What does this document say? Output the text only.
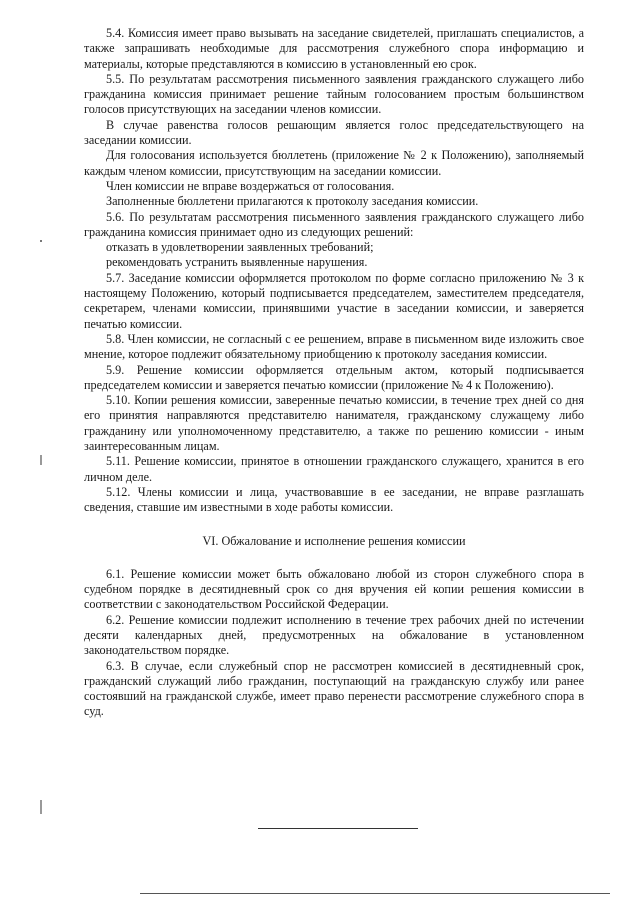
5.4. Комиссия имеет право вызывать на заседание свидетелей, приглашать специалистов, а также запрашивать необходимые для рассмотрения служебного спора информацию и материалы, которые представляются в комиссию в установленный ею срок.

5.5. По результатам рассмотрения письменного заявления гражданского служащего либо гражданина комиссия принимает решение тайным голосованием простым большинством голосов присутствующих на заседании членов комиссии.

В случае равенства голосов решающим является голос председательствующего на заседании комиссии.

Для голосования используется бюллетень (приложение № 2 к Положению), заполняемый каждым членом комиссии, присутствующим на заседании комиссии.

Член комиссии не вправе воздержаться от голосования.

Заполненные бюллетени прилагаются к протоколу заседания комиссии.

5.6. По результатам рассмотрения письменного заявления гражданского служащего либо гражданина комиссия принимает одно из следующих решений:

отказать в удовлетворении заявленных требований;

рекомендовать устранить выявленные нарушения.

5.7. Заседание комиссии оформляется протоколом по форме согласно приложению № 3 к настоящему Положению, который подписывается председателем, заместителем председателя, секретарем, членами комиссии, принявшими участие в заседании комиссии, и заверяется печатью комиссии.

5.8. Член комиссии, не согласный с ее решением, вправе в письменном виде изложить свое мнение, которое подлежит обязательному приобщению к протоколу заседания комиссии.

5.9. Решение комиссии оформляется отдельным актом, который подписывается председателем комиссии и заверяется печатью комиссии (приложение № 4 к Положению).

5.10. Копии решения комиссии, заверенные печатью комиссии, в течение трех дней со дня его принятия направляются представителю нанимателя, гражданскому служащему либо гражданину или уполномоченному представителю, а также по решению комиссии - иным заинтересованным лицам.

5.11. Решение комиссии, принятое в отношении гражданского служащего, хранится в его личном деле.

5.12. Члены комиссии и лица, участвовавшие в ее заседании, не вправе разглашать сведения, ставшие им известными в ходе работы комиссии.

VI. Обжалование и исполнение решения комиссии

6.1. Решение комиссии может быть обжаловано любой из сторон служебного спора в судебном порядке в десятидневный срок со дня вручения ей копии решения комиссии в соответствии с законодательством Российской Федерации.

6.2. Решение комиссии подлежит исполнению в течение трех рабочих дней по истечении десяти календарных дней, предусмотренных на обжалование в установленном законодательством порядке.

6.3. В случае, если служебный спор не рассмотрен комиссией в десятидневный срок, гражданский служащий либо гражданин, поступающий на гражданскую службу или ранее состоявший на гражданской службе, имеет право перенести рассмотрение служебного спора в суд.
